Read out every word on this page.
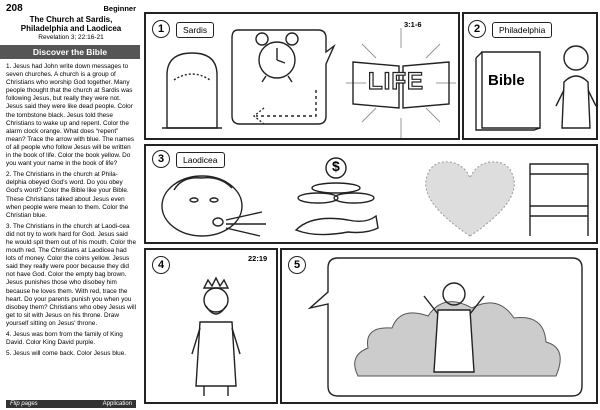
208	Beginner
The Church at Sardis,
Philadelphia and Laodicea
Revelation 3; 22:16-21
Discover the Bible

1. Jesus had John write down messages to seven churches. A church is a group of Christians who worship God together. Many people thought that the church at Sardis was following Jesus, but really they were not. Jesus said they were like dead people. Color the tombstone black. Jesus told these Christians to wake up and repent. Color the alarm clock orange. What does “repent” mean? Trace the arrow with blue. The names of all people who follow Jesus will be written in the book of life. Color the book yellow. Do you want your name in the book of life?

2. The Christians in the church at Phila-delphia obeyed God's word. Do you obey God's word? Color the Bible like your Bible. These Christians talked about Jesus even when people were mean to them. Color the Christian blue.

3. The Christians in the church at Laodi-cea did not try to work hard for God. Jesus said he would spit them out of his mouth. Color the mouth red. The Christians at Laodicea had lots of money. Color the coins yellow. Jesus said they really were poor because they did not have God. Color the empty bag brown. Jesus punishes those who disobey him because he loves them. With red, trace the heart. Do your parents punish you when you disobey them? Christians who obey Jesus will get to sit with Jesus on his throne. Draw yourself sitting on Jesus' throne.

4. Jesus was born from the family of King David. Color King David purple.

5. Jesus will come back. Color Jesus blue.

Flip pages	Application
1	Sardis
3:1-6
LIFE
2	Philadelphia
Bible
3	Laodicea	$
4
22:19
5
